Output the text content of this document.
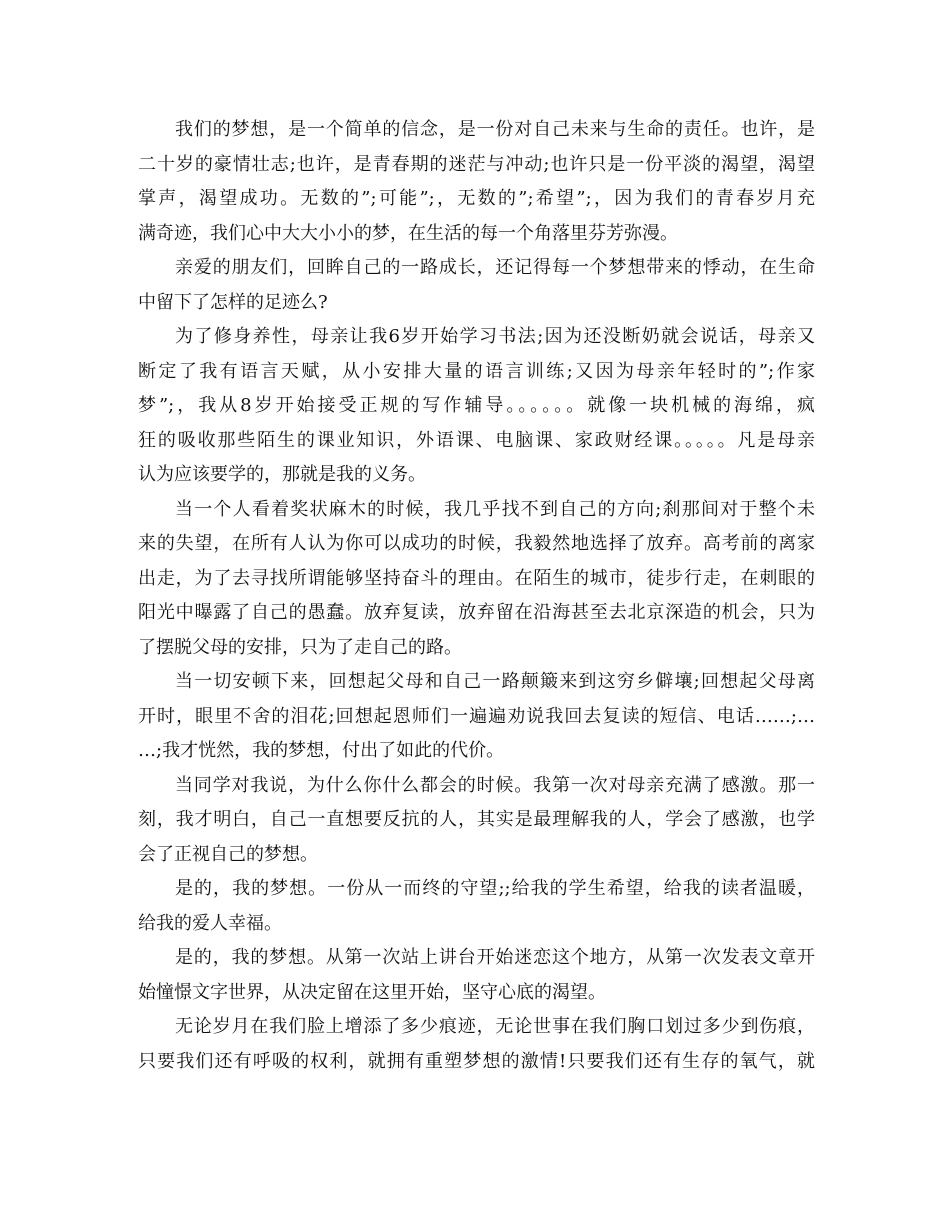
我们的梦想，是一个简单的信念，是一份对自己未来与生命的责任。也许，是
二十岁的豪情壮志;也许，是青春期的迷茫与冲动;也许只是一份平淡的渴望，渴望
掌声，渴望成功。无数的”;可能”;，无数的”;希望”;，因为我们的青春岁月充
满奇迹，我们心中大大小小的梦，在生活的每一个角落里芬芳弥漫。
亲爱的朋友们，回眸自己的一路成长，还记得每一个梦想带来的悸动，在生命
中留下了怎样的足迹么?
为了修身养性，母亲让我6岁开始学习书法;因为还没断奶就会说话，母亲又
断定了我有语言天赋，从小安排大量的语言训练;又因为母亲年轻时的”;作家
梦”;，我从8岁开始接受正规的写作辅导。。。。。。就像一块机械的海绵，疯
狂的吸收那些陌生的课业知识，外语课、电脑课、家政财经课。。。。。凡是母亲
认为应该要学的，那就是我的义务。
当一个人看着奖状麻木的时候，我几乎找不到自己的方向;刹那间对于整个未
来的失望，在所有人认为你可以成功的时候，我毅然地选择了放弃。高考前的离家
出走，为了去寻找所谓能够坚持奋斗的理由。在陌生的城市，徒步行走，在刺眼的
阳光中曝露了自己的愚蠢。放弃复读，放弃留在沿海甚至去北京深造的机会，只为
了摆脱父母的安排，只为了走自己的路。
当一切安顿下来，回想起父母和自己一路颠簸来到这穷乡僻壤;回想起父母离
开时，眼里不舍的泪花;回想起恩师们一遍遍劝说我回去复读的短信、电话……;…
…;我才恍然，我的梦想，付出了如此的代价。
当同学对我说，为什么你什么都会的时候。我第一次对母亲充满了感激。那一
刻，我才明白，自己一直想要反抗的人，其实是最理解我的人，学会了感激，也学
会了正视自己的梦想。
是的，我的梦想。一份从一而终的守望;;给我的学生希望，给我的读者温暖，
给我的爱人幸福。
是的，我的梦想。从第一次站上讲台开始迷恋这个地方，从第一次发表文章开
始憧憬文字世界，从决定留在这里开始，坚守心底的渴望。
无论岁月在我们脸上增添了多少痕迹，无论世事在我们胸口划过多少到伤痕，
只要我们还有呼吸的权利，就拥有重塑梦想的激情!只要我们还有生存的氧气，就
